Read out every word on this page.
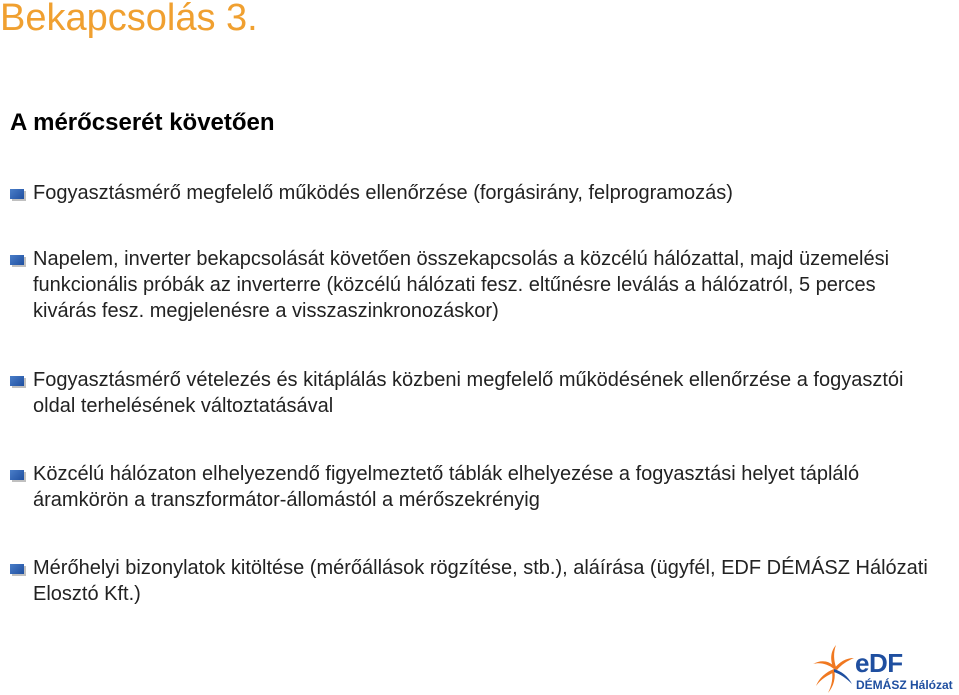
Bekapcsolás 3.
A mérőcserét követően
Fogyasztásmérő megfelelő működés ellenőrzése (forgásirány, felprogramozás)
Napelem, inverter bekapcsolását követően összekapcsolás a közcélú hálózattal, majd üzemelési funkcionális próbák az inverterre (közcélú hálózati fesz. eltűnésre leválás a hálózatról, 5 perces kivárás fesz. megjelenésre a visszaszinkronozáskor)
Fogyasztásmérő vételezés és kitáplálás közbeni megfelelő működésének ellenőrzése a fogyasztói oldal terhelésének változtatásával
Közcélú hálózaton elhelyezendő figyelmeztető táblák elhelyezése a fogyasztási helyet tápláló áramkörön a transzformátor-állomástól a mérőszekrényig
Mérőhelyi bizonylatok kitöltése (mérőállások rögzítése, stb.), aláírása (ügyfél, EDF DÉMÁSZ Hálózati Elosztó Kft.)
eDF
DÉMÁSZ Hálózat
